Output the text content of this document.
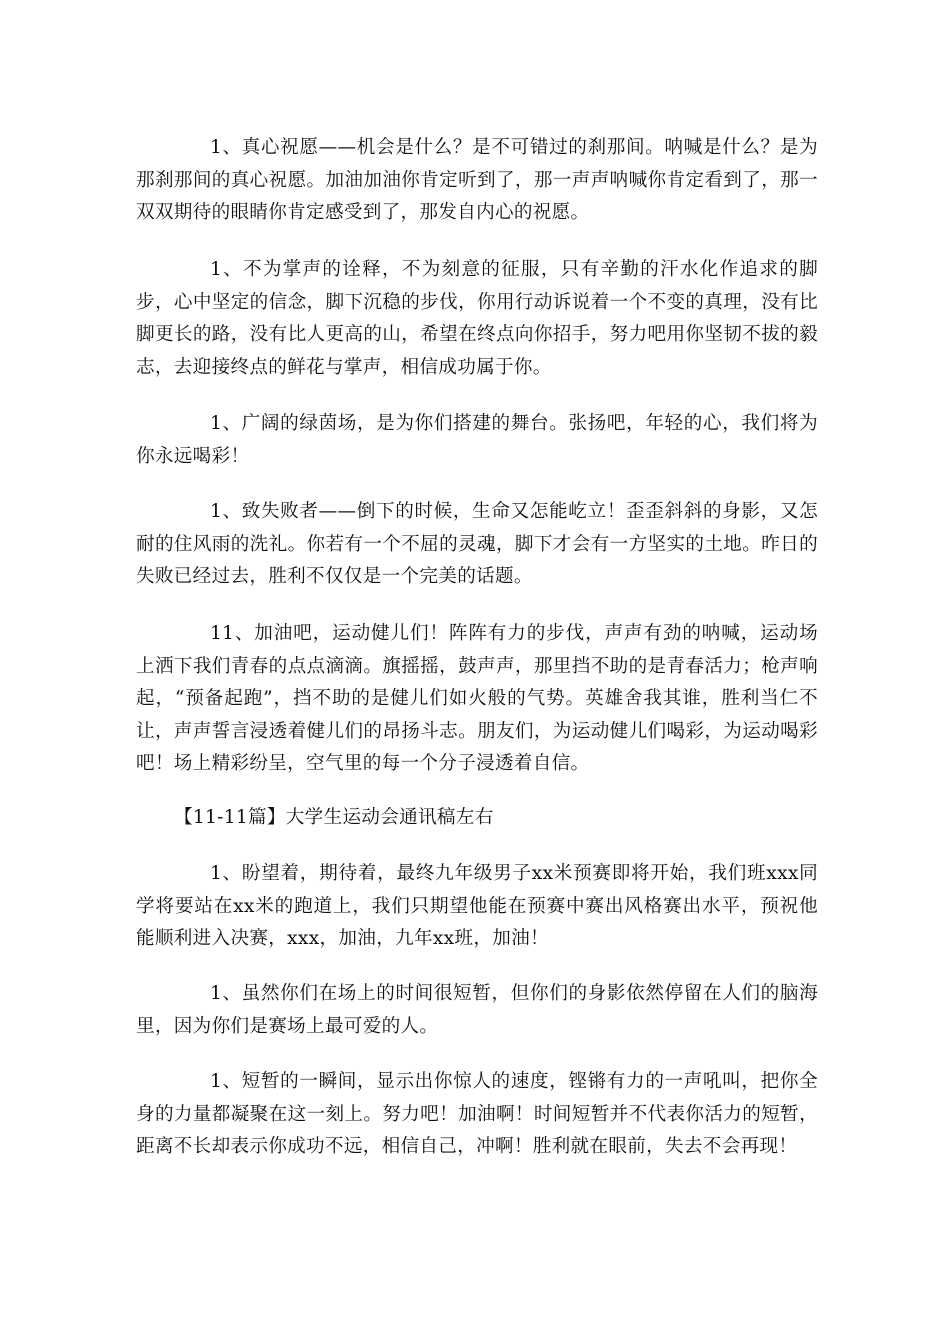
1、真心祝愿——机会是什么？是不可错过的刹那间。呐喊是什么？是为那刹那间的真心祝愿。加油加油你肯定听到了，那一声声呐喊你肯定看到了，那一双双期待的眼睛你肯定感受到了，那发自内心的祝愿。

1、不为掌声的诠释，不为刻意的征服，只有辛勤的汗水化作追求的脚步，心中坚定的信念，脚下沉稳的步伐，你用行动诉说着一个不变的真理，没有比脚更长的路，没有比人更高的山，希望在终点向你招手，努力吧用你坚韧不拔的毅志，去迎接终点的鲜花与掌声，相信成功属于你。

1、广阔的绿茵场，是为你们搭建的舞台。张扬吧，年轻的心，我们将为你永远喝彩！

1、致失败者——倒下的时候，生命又怎能屹立！歪歪斜斜的身影，又怎耐的住风雨的洗礼。你若有一个不屈的灵魂，脚下才会有一方坚实的土地。昨日的失败已经过去，胜利不仅仅是一个完美的话题。

11、加油吧，运动健儿们！阵阵有力的步伐，声声有劲的呐喊，运动场上洒下我们青春的点点滴滴。旗摇摇，鼓声声，那里挡不助的是青春活力；枪声响起，“预备起跑”，挡不助的是健儿们如火般的气势。英雄舍我其谁，胜利当仁不让，声声誓言浸透着健儿们的昂扬斗志。朋友们，为运动健儿们喝彩，为运动喝彩吧！场上精彩纷呈，空气里的每一个分子浸透着自信。

【11-11篇】大学生运动会通讯稿左右

1、盼望着，期待着，最终九年级男子xx米预赛即将开始，我们班xxx同学将要站在xx米的跑道上，我们只期望他能在预赛中赛出风格赛出水平，预祝他能顺利进入决赛，xxx，加油，九年xx班，加油！

1、虽然你们在场上的时间很短暂，但你们的身影依然停留在人们的脑海里，因为你们是赛场上最可爱的人。

1、短暂的一瞬间，显示出你惊人的速度，铿锵有力的一声吼叫，把你全身的力量都凝聚在这一刻上。努力吧！加油啊！时间短暂并不代表你活力的短暂，距离不长却表示你成功不远，相信自己，冲啊！胜利就在眼前，失去不会再现！
